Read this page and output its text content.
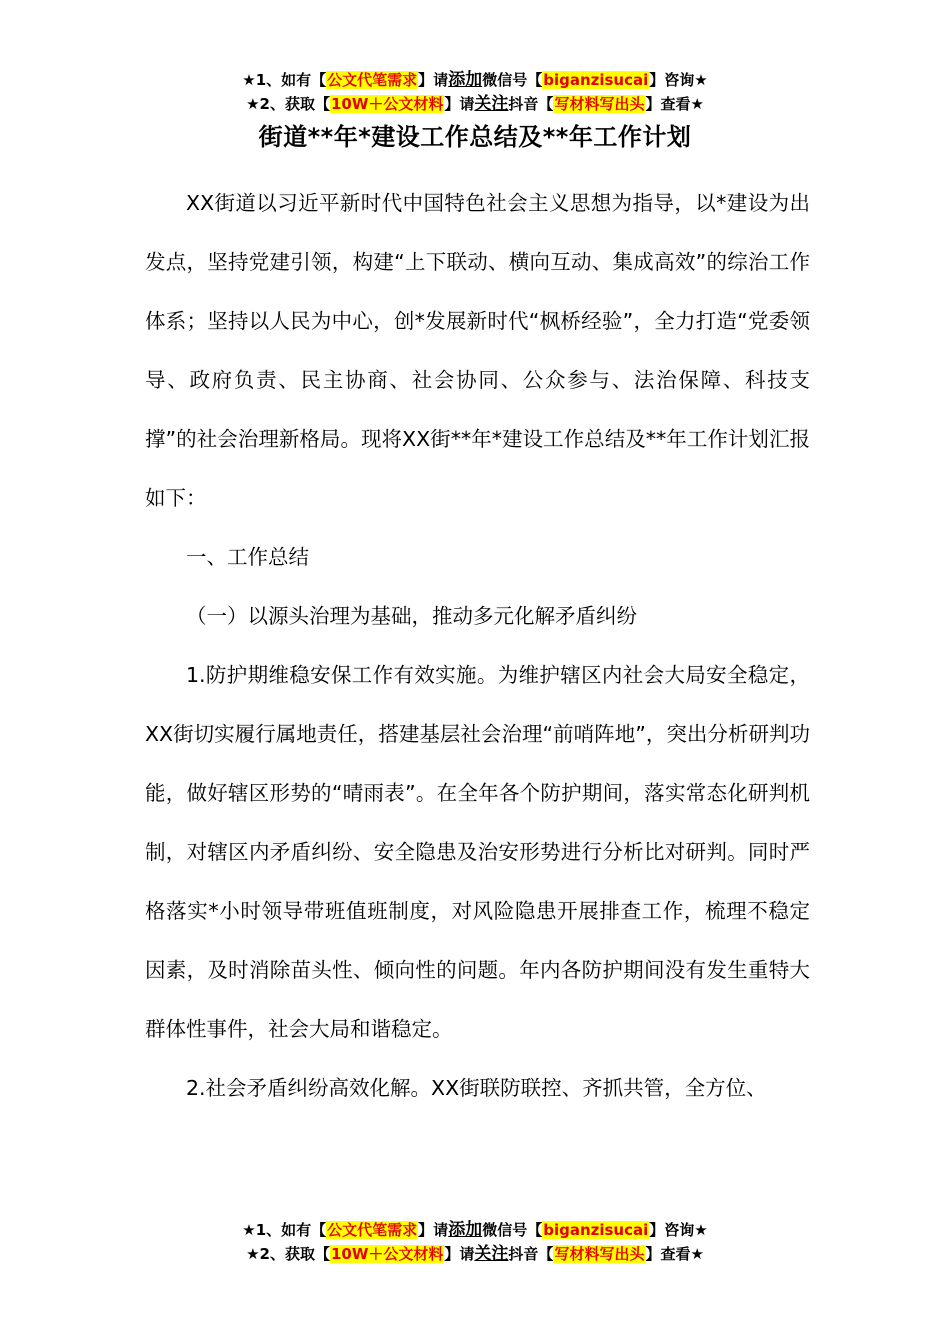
★1、如有【公文代笔需求】请添加微信号【biganzisucai】咨询★
★2、获取【10W＋公文材料】请关注抖音【写材料写出头】查看★
街道**年*建设工作总结及**年工作计划

XX街道以习近平新时代中国特色社会主义思想为指导，以*建设为出发点，坚持党建引领，构建“上下联动、横向互动、集成高效”的综治工作体系；坚持以人民为中心，创*发展新时代“枫桥经验”，全力打造“党委领导、政府负责、民主协商、社会协同、公众参与、法治保障、科技支撑”的社会治理新格局。现将XX街**年*建设工作总结及**年工作计划汇报如下：

一、工作总结

（一）以源头治理为基础，推动多元化解矛盾纠纷

1.防护期维稳安保工作有效实施。为维护辖区内社会大局安全稳定，XX街切实履行属地责任，搭建基层社会治理“前哨阵地”，突出分析研判功能，做好辖区形势的“晴雨表”。在全年各个防护期间，落实常态化研判机制，对辖区内矛盾纠纷、安全隐患及治安形势进行分析比对研判。同时严格落实*小时领导带班值班制度，对风险隐患开展排查工作，梳理不稳定因素，及时消除苗头性、倾向性的问题。年内各防护期间没有发生重特大群体性事件，社会大局和谐稳定。

2.社会矛盾纠纷高效化解。XX街联防联控、齐抓共管，全方位、

★1、如有【公文代笔需求】请添加微信号【biganzisucai】咨询★
★2、获取【10W＋公文材料】请关注抖音【写材料写出头】查看★
